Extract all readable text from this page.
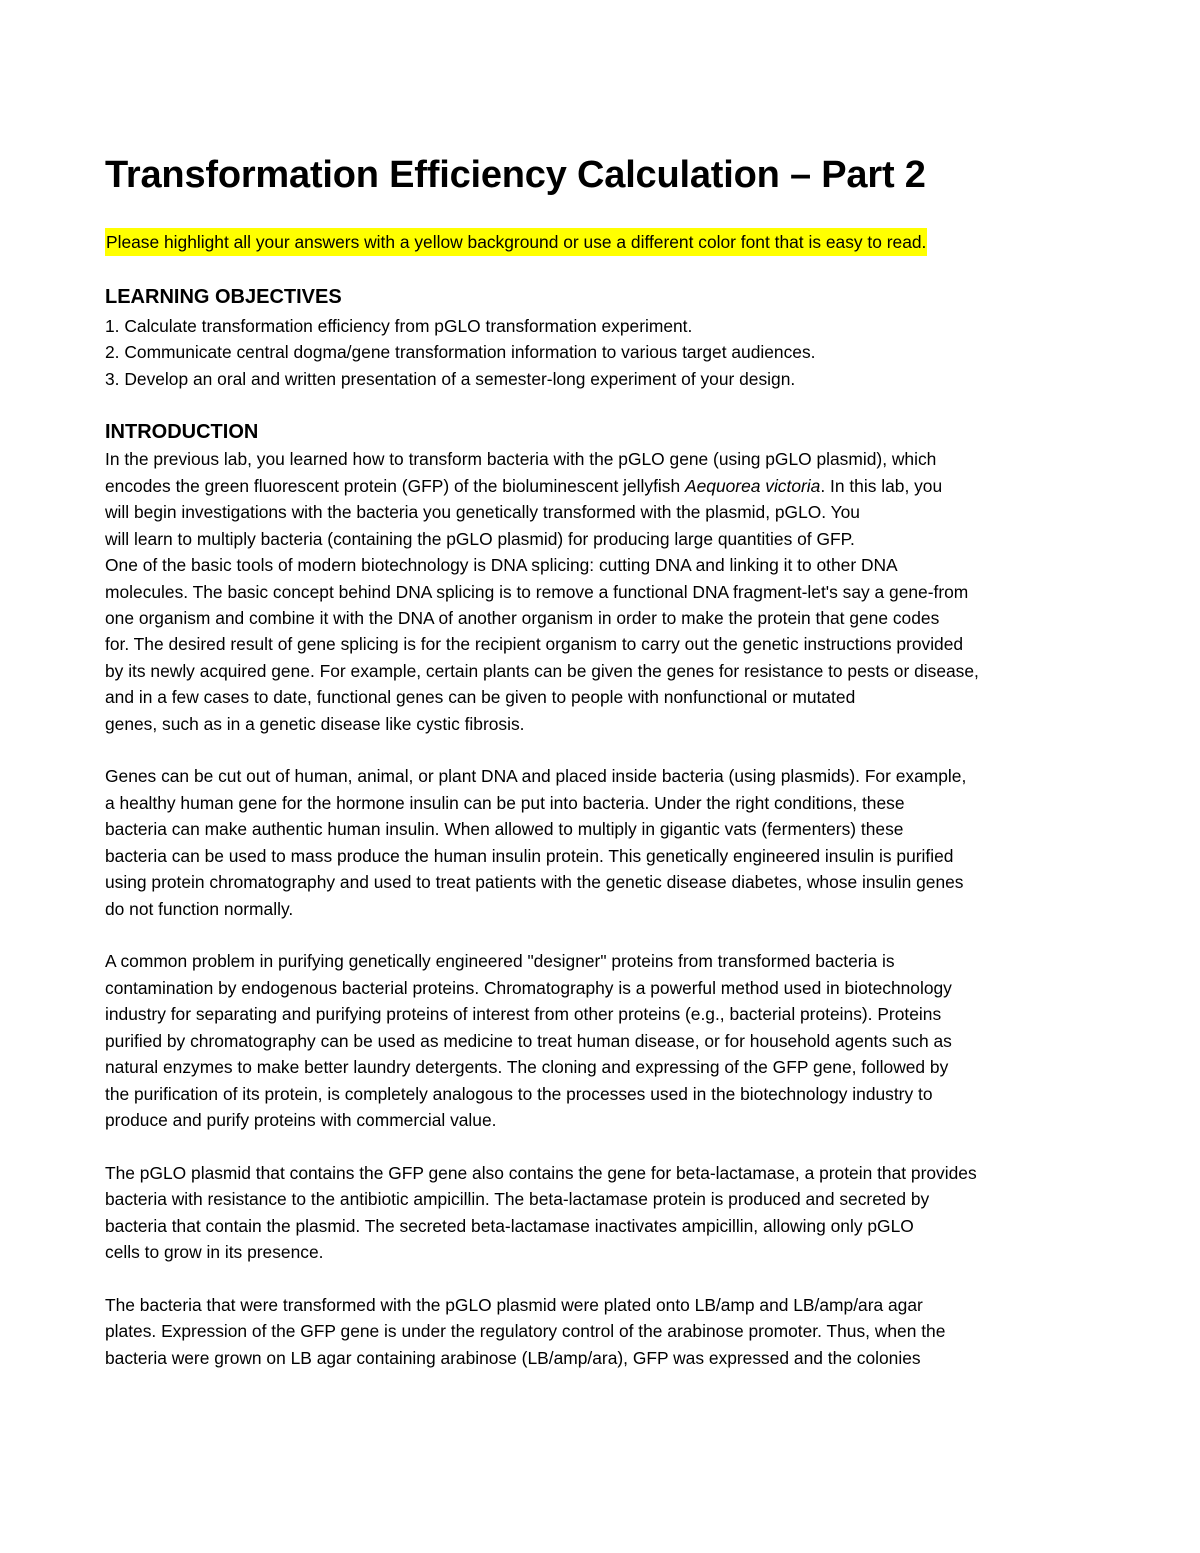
Transformation Efficiency Calculation – Part 2
Please highlight all your answers with a yellow background or use a different color font that is easy to read.
LEARNING OBJECTIVES
1. Calculate transformation efficiency from pGLO transformation experiment.
2. Communicate central dogma/gene transformation information to various target audiences.
3. Develop an oral and written presentation of a semester-long experiment of your design.
INTRODUCTION
In the previous lab, you learned how to transform bacteria with the pGLO gene (using pGLO plasmid), which
encodes the green fluorescent protein (GFP) of the bioluminescent jellyfish Aequorea victoria. In this lab, you
will begin investigations with the bacteria you genetically transformed with the plasmid, pGLO. You
will learn to multiply bacteria (containing the pGLO plasmid) for producing large quantities of GFP.
One of the basic tools of modern biotechnology is DNA splicing: cutting DNA and linking it to other DNA
molecules. The basic concept behind DNA splicing is to remove a functional DNA fragment-let's say a gene-from
one organism and combine it with the DNA of another organism in order to make the protein that gene codes
for. The desired result of gene splicing is for the recipient organism to carry out the genetic instructions provided
by its newly acquired gene. For example, certain plants can be given the genes for resistance to pests or disease,
and in a few cases to date, functional genes can be given to people with nonfunctional or mutated
genes, such as in a genetic disease like cystic fibrosis.
Genes can be cut out of human, animal, or plant DNA and placed inside bacteria (using plasmids). For example,
a healthy human gene for the hormone insulin can be put into bacteria. Under the right conditions, these
bacteria can make authentic human insulin. When allowed to multiply in gigantic vats (fermenters) these
bacteria can be used to mass produce the human insulin protein. This genetically engineered insulin is purified
using protein chromatography and used to treat patients with the genetic disease diabetes, whose insulin genes
do not function normally.
A common problem in purifying genetically engineered "designer" proteins from transformed bacteria is
contamination by endogenous bacterial proteins. Chromatography is a powerful method used in biotechnology
industry for separating and purifying proteins of interest from other proteins (e.g., bacterial proteins). Proteins
purified by chromatography can be used as medicine to treat human disease, or for household agents such as
natural enzymes to make better laundry detergents. The cloning and expressing of the GFP gene, followed by
the purification of its protein, is completely analogous to the processes used in the biotechnology industry to
produce and purify proteins with commercial value.
The pGLO plasmid that contains the GFP gene also contains the gene for beta-lactamase, a protein that provides
bacteria with resistance to the antibiotic ampicillin. The beta-lactamase protein is produced and secreted by
bacteria that contain the plasmid. The secreted beta-lactamase inactivates ampicillin, allowing only pGLO
cells to grow in its presence.
The bacteria that were transformed with the pGLO plasmid were plated onto LB/amp and LB/amp/ara agar
plates. Expression of the GFP gene is under the regulatory control of the arabinose promoter. Thus, when the
bacteria were grown on LB agar containing arabinose (LB/amp/ara), GFP was expressed and the colonies
